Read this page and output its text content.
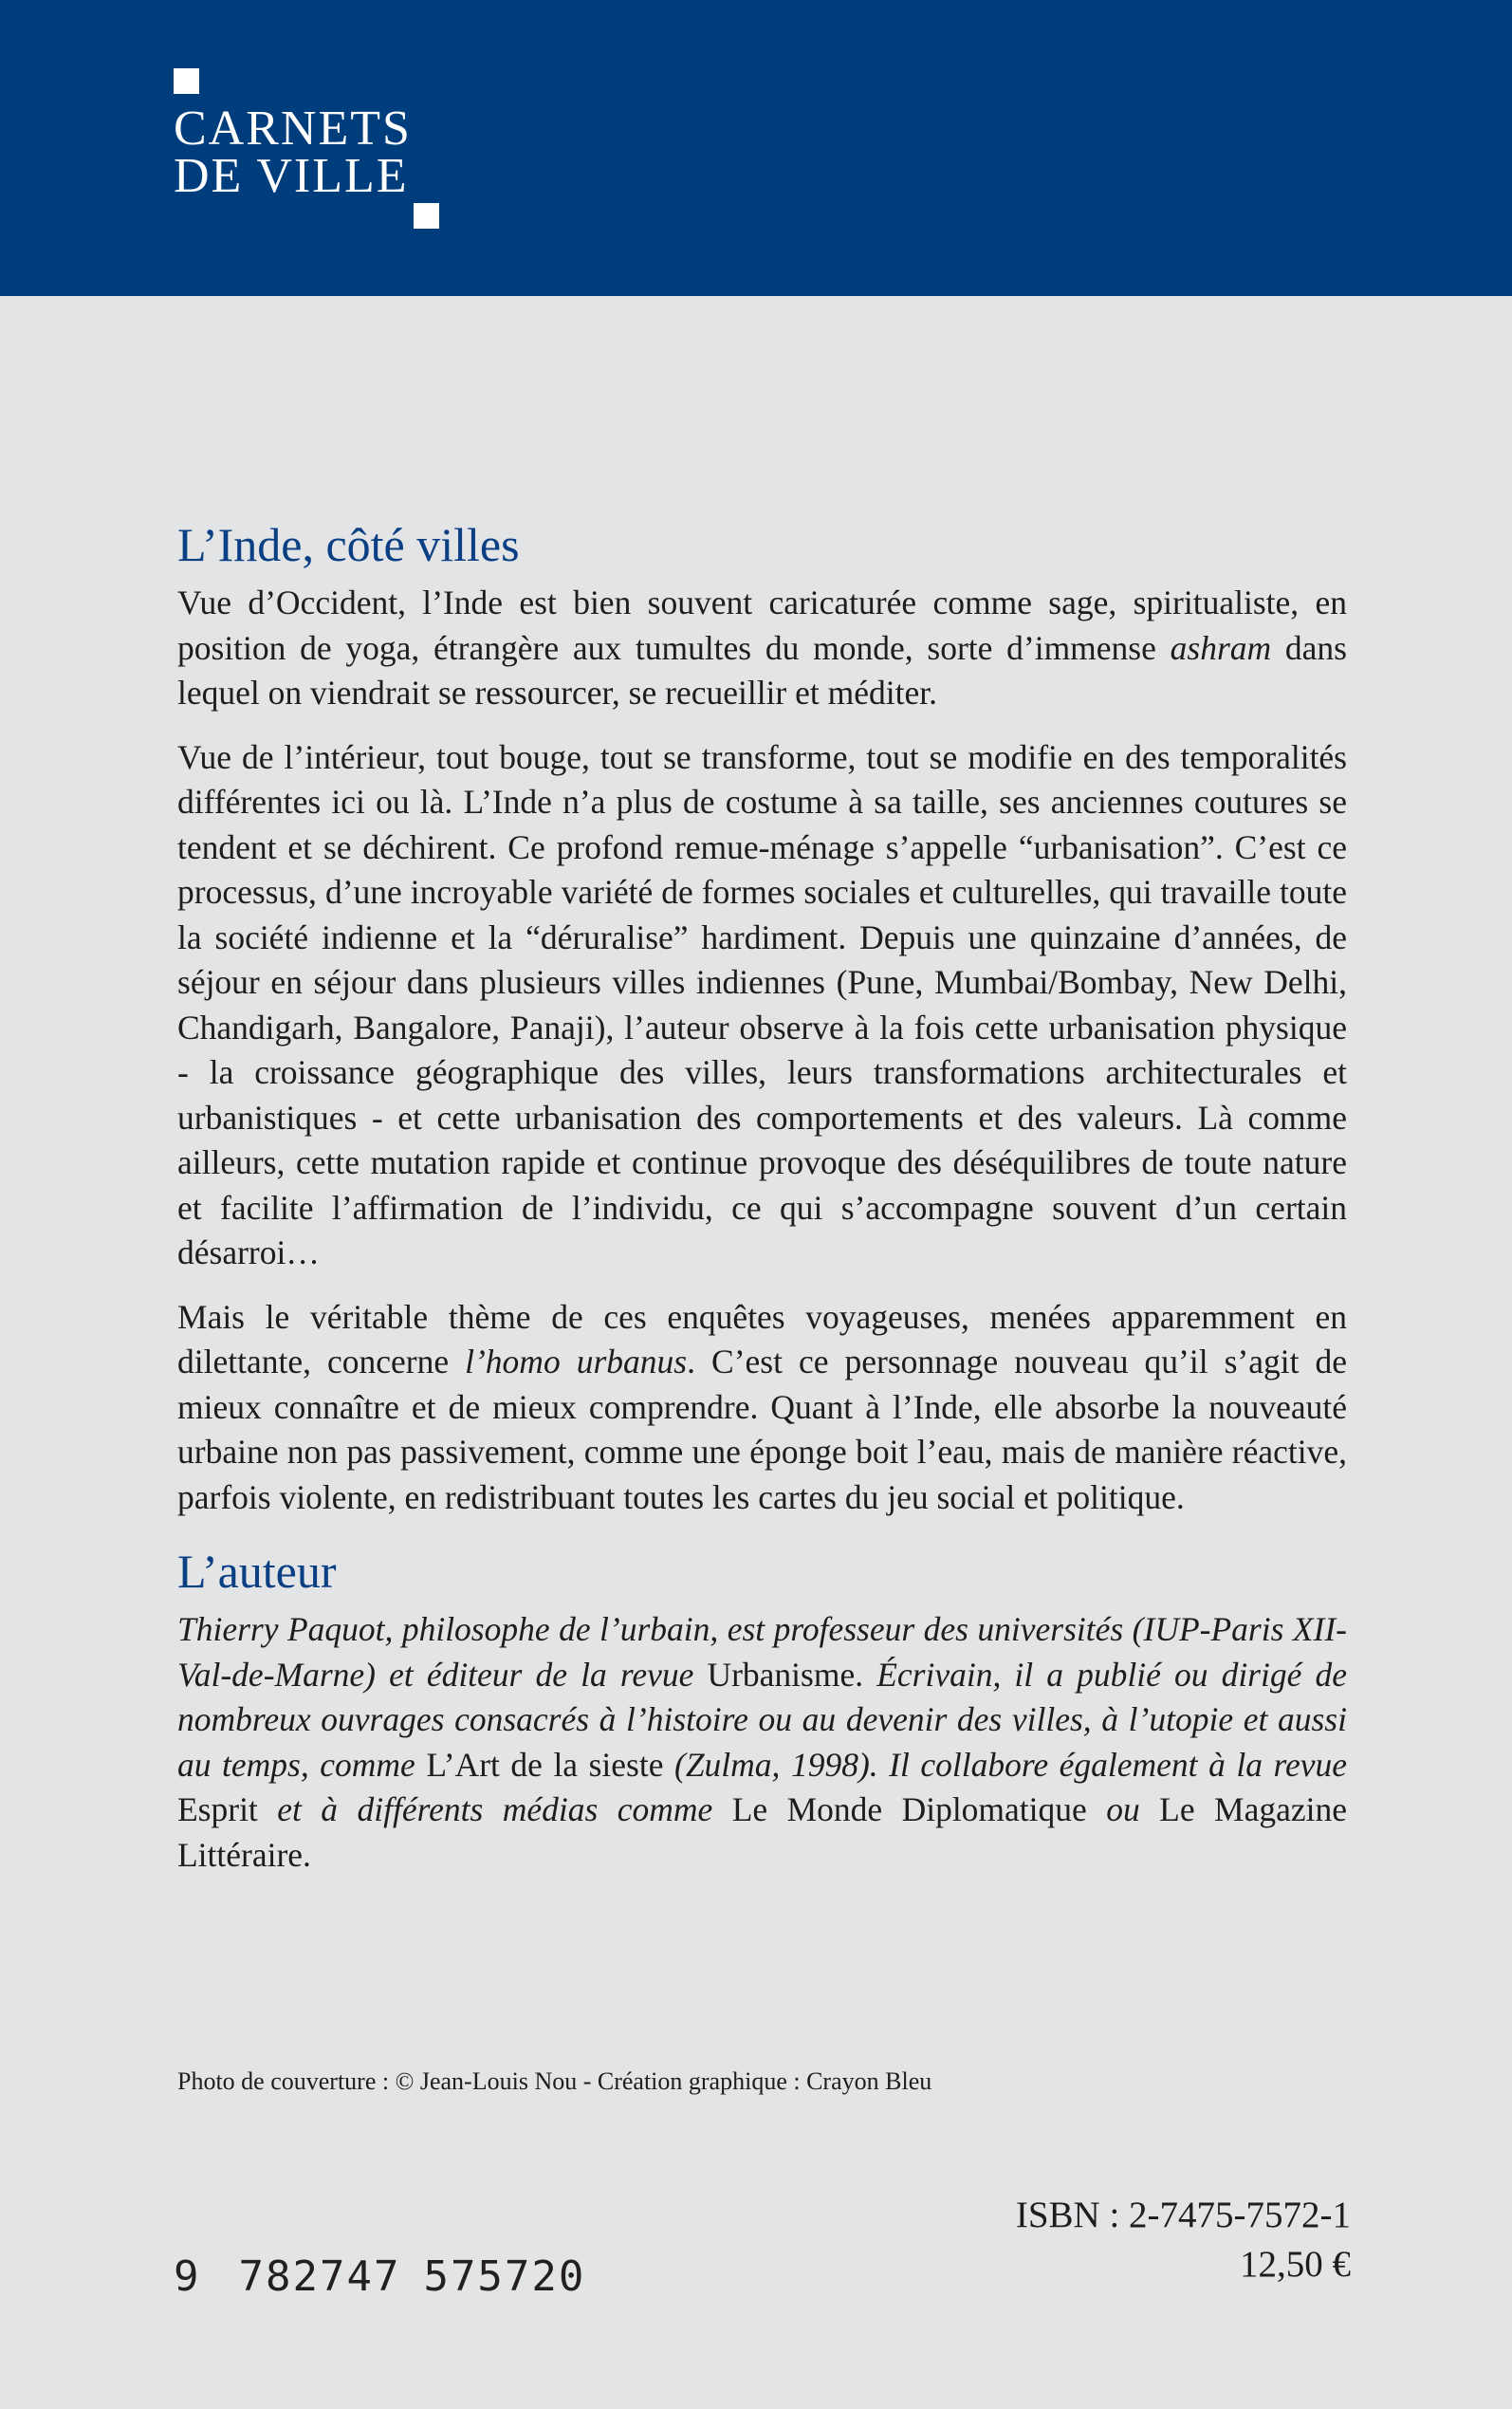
CARNETS
DE VILLE
L’Inde, côté villes

Vue d’Occident, l’Inde est bien souvent caricaturée comme sage, spiritualiste, en position de yoga, étrangère aux tumultes du monde, sorte d’immense ashram dans lequel on viendrait se ressourcer, se recueillir et méditer.

Vue de l’intérieur, tout bouge, tout se transforme, tout se modifie en des temporalités différentes ici ou là. L’Inde n’a plus de costume à sa taille, ses anciennes coutures se tendent et se déchirent. Ce profond remue-ménage s’appelle “urbanisation”. C’est ce processus, d’une incroyable variété de formes sociales et culturelles, qui travaille toute la société indienne et la “déruralise” hardiment. Depuis une quinzaine d’années, de séjour en séjour dans plusieurs villes indiennes (Pune, Mumbai/Bombay, New Delhi, Chandigarh, Bangalore, Panaji), l’auteur observe à la fois cette urbanisation physique - la croissance géographique des villes, leurs transformations architecturales et urbanistiques - et cette urbanisation des comportements et des valeurs. Là comme ailleurs, cette mutation rapide et continue provoque des déséquilibres de toute nature et facilite l’affirmation de l’individu, ce qui s’accompagne souvent d’un certain désarroi…

Mais le véritable thème de ces enquêtes voyageuses, menées apparemment en dilettante, concerne l’homo urbanus. C’est ce personnage nouveau qu’il s’agit de mieux connaître et de mieux comprendre. Quant à l’Inde, elle absorbe la nouveauté urbaine non pas passivement, comme une éponge boit l’eau, mais de manière réactive, parfois violente, en redistribuant toutes les cartes du jeu social et politique.

L’auteur

Thierry Paquot, philosophe de l’urbain, est professeur des universités (IUP-Paris XII-Val-de-Marne) et éditeur de la revue Urbanisme. Écrivain, il a publié ou dirigé de nombreux ouvrages consacrés à l’histoire ou au devenir des villes, à l’utopie et aussi au temps, comme L’Art de la sieste (Zulma, 1998). Il collabore également à la revue Esprit et à différents médias comme Le Monde Diplomatique ou Le Magazine Littéraire.

Photo de couverture : © Jean-Louis Nou - Création graphique : Crayon Bleu
9 782747 575720
ISBN : 2-7475-7572-1
12,50 €
